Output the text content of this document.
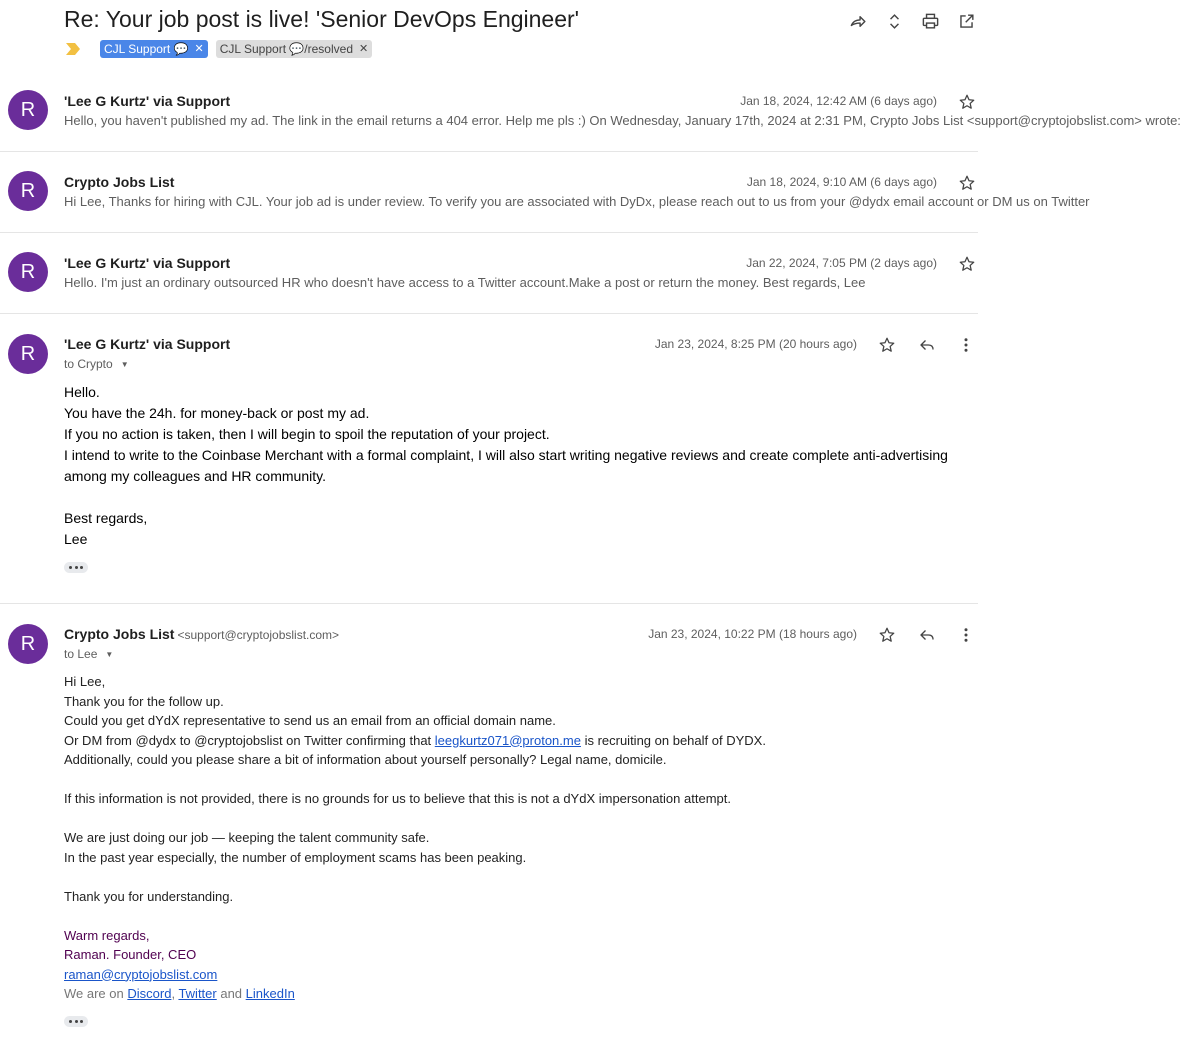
Re: Your job post is live! 'Senior DevOps Engineer'
CJL Support 💬 ✕ CJL Support 💬/resolved ✕
R	'Lee G Kurtz' via Support	Jan 18, 2024, 12:42 AM (6 days ago)
Hello, you haven't published my ad. The link in the email returns a 404 error. Help me pls :) On Wednesday, January 17th, 2024 at 2:31 PM, Crypto Jobs List <support@cryptojobslist.com> wrote:
R	Crypto Jobs List	Jan 18, 2024, 9:10 AM (6 days ago)
Hi Lee, Thanks for hiring with CJL. Your job ad is under review. To verify you are associated with DyDx, please reach out to us from your @dydx email account or DM us on Twitter
R	'Lee G Kurtz' via Support	Jan 22, 2024, 7:05 PM (2 days ago)
Hello. I'm just an ordinary outsourced HR who doesn't have access to a Twitter account.Make a post or return the money. Best regards, Lee
R	'Lee G Kurtz' via Support	Jan 23, 2024, 8:25 PM (20 hours ago)
to Crypto ▼

Hello.

You have the 24h. for money-back or post my ad.

If you no action is taken, then I will begin to spoil the reputation of your project.

I intend to write to the Coinbase Merchant with a formal complaint, I will also start writing negative reviews and create complete anti-advertising among my colleagues and HR community.

Best regards,

Lee

R	Crypto Jobs List <support@cryptojobslist.com>	Jan 23, 2024, 10:22 PM (18 hours ago)
to Lee ▼

Hi Lee,

Thank you for the follow up.

Could you get dYdX representative to send us an email from an official domain name.

Or DM from @dydx to @cryptojobslist on Twitter confirming that leegkurtz071@proton.me is recruiting on behalf of DYDX.

Additionally, could you please share a bit of information about yourself personally? Legal name, domicile.

If this information is not provided, there is no grounds for us to believe that this is not a dYdX impersonation attempt.

We are just doing our job — keeping the talent community safe.

In the past year especially, the number of employment scams has been peaking.

Thank you for understanding.

Warm regards,

Raman. Founder, CEO

raman@cryptojobslist.com

We are on Discord, Twitter and LinkedIn
